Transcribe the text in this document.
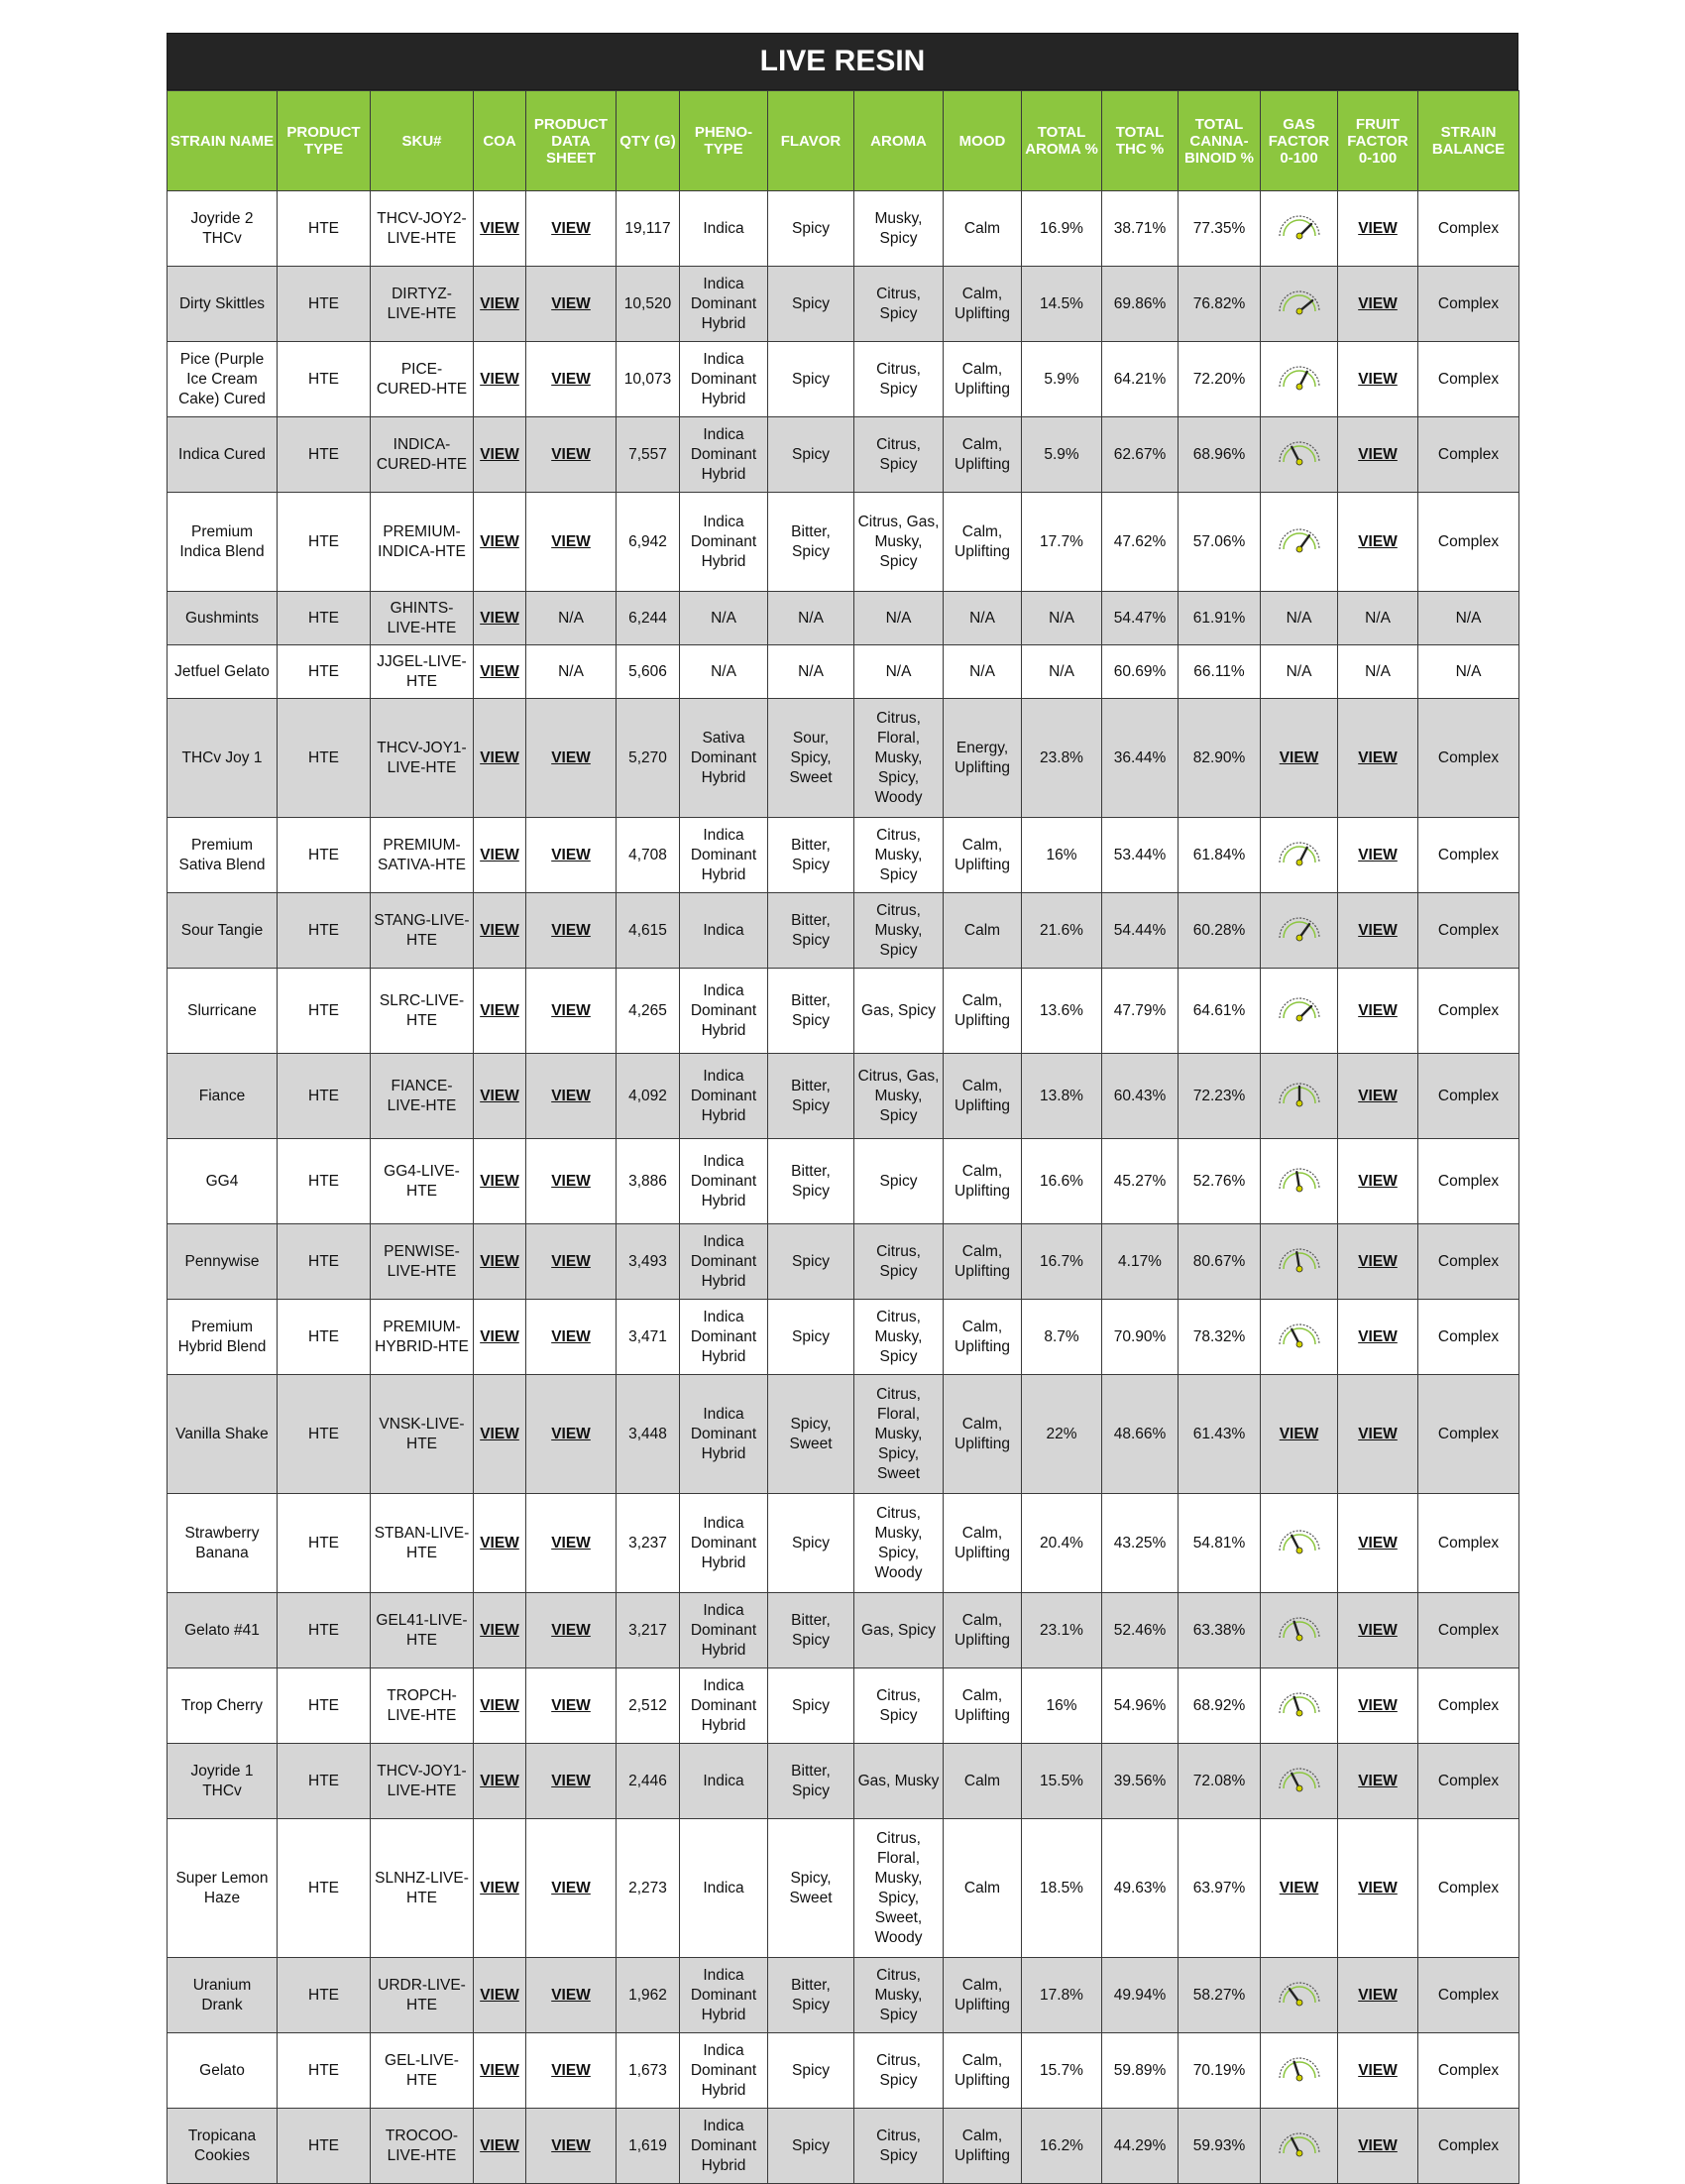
LIVE RESIN
STRAIN NAME	PRODUCT TYPE	SKU#	COA	PRODUCT DATA SHEET	QTY (G)	PHENO-TYPE	FLAVOR	AROMA	MOOD	TOTAL AROMA %	TOTAL THC %	TOTAL CANNA-BINOID %	GAS FACTOR 0-100	FRUIT FACTOR 0-100	STRAIN BALANCE
Joyride 2 THCv	HTE	THCV-JOY2-LIVE-HTE	VIEW	VIEW	19,117	Indica	Spicy	Musky, Spicy	Calm	16.9%	38.71%	77.35%		VIEW	Complex
Dirty Skittles	HTE	DIRTYZ-LIVE-HTE	VIEW	VIEW	10,520	Indica Dominant Hybrid	Spicy	Citrus, Spicy	Calm, Uplifting	14.5%	69.86%	76.82%		VIEW	Complex
Pice (Purple Ice Cream Cake) Cured	HTE	PICE-CURED-HTE	VIEW	VIEW	10,073	Indica Dominant Hybrid	Spicy	Citrus, Spicy	Calm, Uplifting	5.9%	64.21%	72.20%		VIEW	Complex
Indica Cured	HTE	INDICA-CURED-HTE	VIEW	VIEW	7,557	Indica Dominant Hybrid	Spicy	Citrus, Spicy	Calm, Uplifting	5.9%	62.67%	68.96%		VIEW	Complex
Premium Indica Blend	HTE	PREMIUM-INDICA-HTE	VIEW	VIEW	6,942	Indica Dominant Hybrid	Bitter, Spicy	Citrus, Gas, Musky, Spicy	Calm, Uplifting	17.7%	47.62%	57.06%		VIEW	Complex
Gushmints	HTE	GHINTS-LIVE-HTE	VIEW	N/A	6,244	N/A	N/A	N/A	N/A	N/A	54.47%	61.91%	N/A	N/A	N/A
Jetfuel Gelato	HTE	JJGEL-LIVE-HTE	VIEW	N/A	5,606	N/A	N/A	N/A	N/A	N/A	60.69%	66.11%	N/A	N/A	N/A
THCv Joy 1	HTE	THCV-JOY1-LIVE-HTE	VIEW	VIEW	5,270	Sativa Dominant Hybrid	Sour, Spicy, Sweet	Citrus, Floral, Musky, Spicy, Woody	Energy, Uplifting	23.8%	36.44%	82.90%	VIEW	VIEW	Complex
Premium Sativa Blend	HTE	PREMIUM-SATIVA-HTE	VIEW	VIEW	4,708	Indica Dominant Hybrid	Bitter, Spicy	Citrus, Musky, Spicy	Calm, Uplifting	16%	53.44%	61.84%		VIEW	Complex
Sour Tangie	HTE	STANG-LIVE-HTE	VIEW	VIEW	4,615	Indica	Bitter, Spicy	Citrus, Musky, Spicy	Calm	21.6%	54.44%	60.28%		VIEW	Complex
Slurricane	HTE	SLRC-LIVE-HTE	VIEW	VIEW	4,265	Indica Dominant Hybrid	Bitter, Spicy	Gas, Spicy	Calm, Uplifting	13.6%	47.79%	64.61%		VIEW	Complex
Fiance	HTE	FIANCE-LIVE-HTE	VIEW	VIEW	4,092	Indica Dominant Hybrid	Bitter, Spicy	Citrus, Gas, Musky, Spicy	Calm, Uplifting	13.8%	60.43%	72.23%		VIEW	Complex
GG4	HTE	GG4-LIVE-HTE	VIEW	VIEW	3,886	Indica Dominant Hybrid	Bitter, Spicy	Spicy	Calm, Uplifting	16.6%	45.27%	52.76%		VIEW	Complex
Pennywise	HTE	PENWISE-LIVE-HTE	VIEW	VIEW	3,493	Indica Dominant Hybrid	Spicy	Citrus, Spicy	Calm, Uplifting	16.7%	4.17%	80.67%		VIEW	Complex
Premium Hybrid Blend	HTE	PREMIUM-HYBRID-HTE	VIEW	VIEW	3,471	Indica Dominant Hybrid	Spicy	Citrus, Musky, Spicy	Calm, Uplifting	8.7%	70.90%	78.32%		VIEW	Complex
Vanilla Shake	HTE	VNSK-LIVE-HTE	VIEW	VIEW	3,448	Indica Dominant Hybrid	Spicy, Sweet	Citrus, Floral, Musky, Spicy, Sweet	Calm, Uplifting	22%	48.66%	61.43%	VIEW	VIEW	Complex
Strawberry Banana	HTE	STBAN-LIVE-HTE	VIEW	VIEW	3,237	Indica Dominant Hybrid	Spicy	Citrus, Musky, Spicy, Woody	Calm, Uplifting	20.4%	43.25%	54.81%		VIEW	Complex
Gelato #41	HTE	GEL41-LIVE-HTE	VIEW	VIEW	3,217	Indica Dominant Hybrid	Bitter, Spicy	Gas, Spicy	Calm, Uplifting	23.1%	52.46%	63.38%		VIEW	Complex
Trop Cherry	HTE	TROPCH-LIVE-HTE	VIEW	VIEW	2,512	Indica Dominant Hybrid	Spicy	Citrus, Spicy	Calm, Uplifting	16%	54.96%	68.92%		VIEW	Complex
Joyride 1 THCv	HTE	THCV-JOY1-LIVE-HTE	VIEW	VIEW	2,446	Indica	Bitter, Spicy	Gas, Musky	Calm	15.5%	39.56%	72.08%		VIEW	Complex
Super Lemon Haze	HTE	SLNHZ-LIVE-HTE	VIEW	VIEW	2,273	Indica	Spicy, Sweet	Citrus, Floral, Musky, Spicy, Sweet, Woody	Calm	18.5%	49.63%	63.97%	VIEW	VIEW	Complex
Uranium Drank	HTE	URDR-LIVE-HTE	VIEW	VIEW	1,962	Indica Dominant Hybrid	Bitter, Spicy	Citrus, Musky, Spicy	Calm, Uplifting	17.8%	49.94%	58.27%		VIEW	Complex
Gelato	HTE	GEL-LIVE-HTE	VIEW	VIEW	1,673	Indica Dominant Hybrid	Spicy	Citrus, Spicy	Calm, Uplifting	15.7%	59.89%	70.19%		VIEW	Complex
Tropicana Cookies	HTE	TROCOO-LIVE-HTE	VIEW	VIEW	1,619	Indica Dominant Hybrid	Spicy	Citrus, Spicy	Calm, Uplifting	16.2%	44.29%	59.93%		VIEW	Complex
